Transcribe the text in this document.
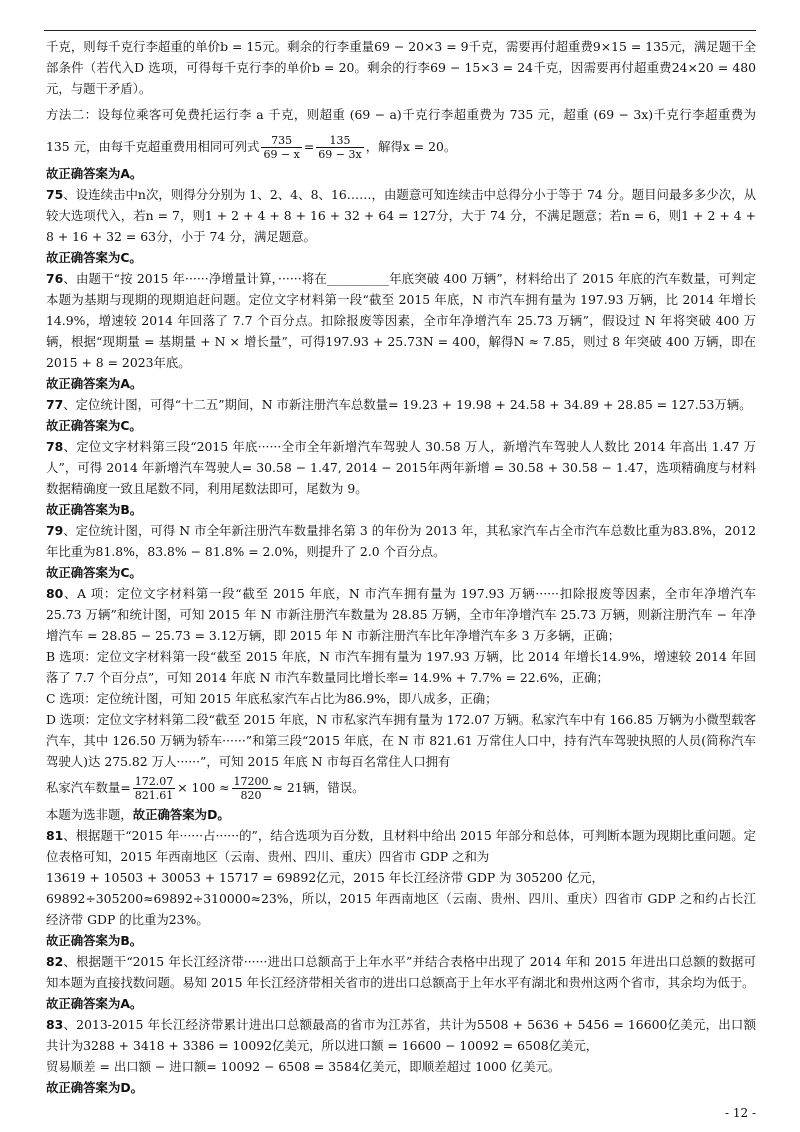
千克，则每千克行李超重的单价b = 15元。剩余的行李重量69 − 20×3 = 9千克，需要再付超重费9×15 = 135元，满足题干全部条件（若代入D 选项，可得每千克行李的单价b = 20。剩余的行李69 − 15×3 = 24千克，因需要再付超重费24×20 = 480元，与题干矛盾）。

方法二：设每位乘客可免费托运行李 a 千克，则超重 (69 − a)千克行李超重费为 735 元，超重 (69 − 3x)千克行李超重费为 135 元，由每千克超重费用相同可列式 $\frac{735}{69 - x} = \frac{135}{69 - 3x}$ ，解得x = 20。

故正确答案为A。

75、设连续击中n次，则得分分别为 1、2、4、8、16……，由题意可知连续击中总得分小于等于 74 分。题目问最多多少次，从较大选项代入，若n = 7，则1 + 2 + 4 + 8 + 16 + 32 + 64 = 127分，大于 74 分，不满足题意；若n = 6，则1 + 2 + 4 + 8 + 16 + 32 = 63分，小于 74 分，满足题意。

故正确答案为C。

76、由题干“按 2015 年······净增量计算，······将在__________年底突破 400 万辆”，材料给出了 2015 年底的汽车数量，可判定本题为基期与现期的现期追赶问题。定位文字材料第一段“截至 2015 年底，N 市汽车拥有量为 197.93 万辆，比 2014 年增长14.9%，增速较 2014 年回落了 7.7 个百分点。扣除报废等因素，全市年净增汽车 25.73 万辆”，假设过 N 年将突破 400 万辆，根据“现期量 = 基期量 + N × 增长量”，可得197.93 + 25.73N = 400，解得N ≈ 7.85，则过 8 年突破 400 万辆，即在2015 + 8 = 2023年底。

故正确答案为A。

77、定位统计图，可得“十二五”期间，N 市新注册汽车总数量= 19.23 + 19.98 + 24.58 + 34.89 + 28.85 = 127.53万辆。

故正确答案为C。

78、定位文字材料第三段“2015 年底······全市全年新增汽车驾驶人 30.58 万人，新增汽车驾驶人人数比 2014 年高出 1.47 万人”，可得 2014 年新增汽车驾驶人= 30.58 − 1.47, 2014 − 2015年两年新增 = 30.58 + 30.58 − 1.47，选项精确度与材料数据精确度一致且尾数不同，利用尾数法即可，尾数为 9。

故正确答案为B。

79、定位统计图，可得 N 市全年新注册汽车数量排名第 3 的年份为 2013 年，其私家汽车占全市汽车总数比重为83.8%，2012 年比重为81.8%，83.8% − 81.8% = 2.0%，则提升了 2.0 个百分点。

故正确答案为C。

80、A 项：定位文字材料第一段“截至 2015 年底，N 市汽车拥有量为 197.93 万辆······扣除报废等因素，全市年净增汽车 25.73 万辆”和统计图，可知 2015 年 N 市新注册汽车数量为 28.85 万辆，全市年净增汽车 25.73 万辆，则新注册汽车 − 年净增汽车 = 28.85 − 25.73 = 3.12万辆，即 2015 年 N 市新注册汽车比年净增汽车多 3 万多辆，正确；

B 选项：定位文字材料第一段“截至 2015 年底，N 市汽车拥有量为 197.93 万辆，比 2014 年增长14.9%，增速较 2014 年回落了 7.7 个百分点”，可知 2014 年底 N 市汽车数量同比增长率= 14.9% + 7.7% = 22.6%，正确；

C 选项：定位统计图，可知 2015 年底私家汽车占比为86.9%，即八成多，正确；

D 选项：定位文字材料第二段“截至 2015 年底，N 市私家汽车拥有量为 172.07 万辆。私家汽车中有 166.85 万辆为小微型载客汽车，其中 126.50 万辆为轿车······”和第三段“2015 年底，在 N 市 821.61 万常住人口中，持有汽车驾驶执照的人员(简称汽车驾驶人)达 275.82 万人······”，可知 2015 年底 N 市每百名常住人口拥有

私家汽车数量= $\frac{172.07}{821.61} \times 100 \approx \frac{17200}{820} \approx 21$辆，错误。

本题为选非题，故正确答案为D。

81、根据题干“2015 年······占······的”，结合选项为百分数，且材料中给出 2015 年部分和总体，可判断本题为现期比重问题。定位表格可知，2015 年西南地区（云南、贵州、四川、重庆）四省市 GDP 之和为

13619 + 10503 + 30053 + 15717 = 69892亿元，2015 年长江经济带 GDP 为 305200 亿元，

69892÷305200≈69892÷310000≈23%，所以，2015 年西南地区（云南、贵州、四川、重庆）四省市 GDP 之和约占长江经济带 GDP 的比重为23%。

故正确答案为B。

82、根据题干“2015 年长江经济带······进出口总额高于上年水平”并结合表格中出现了 2014 年和 2015 年进出口总额的数据可知本题为直接找数问题。易知 2015 年长江经济带相关省市的进出口总额高于上年水平有湖北和贵州这两个省市，其余均为低于。

故正确答案为A。

83、2013-2015 年长江经济带累计进出口总额最高的省市为江苏省，共计为5508 + 5636 + 5456 = 16600亿美元，出口额共计为3288 + 3418 + 3386 = 10092亿美元，所以进口额 = 16600 − 10092 = 6508亿美元，

贸易顺差 = 出口额 − 进口额= 10092 − 6508 = 3584亿美元，即顺差超过 1000 亿美元。

故正确答案为D。

- 12 -
